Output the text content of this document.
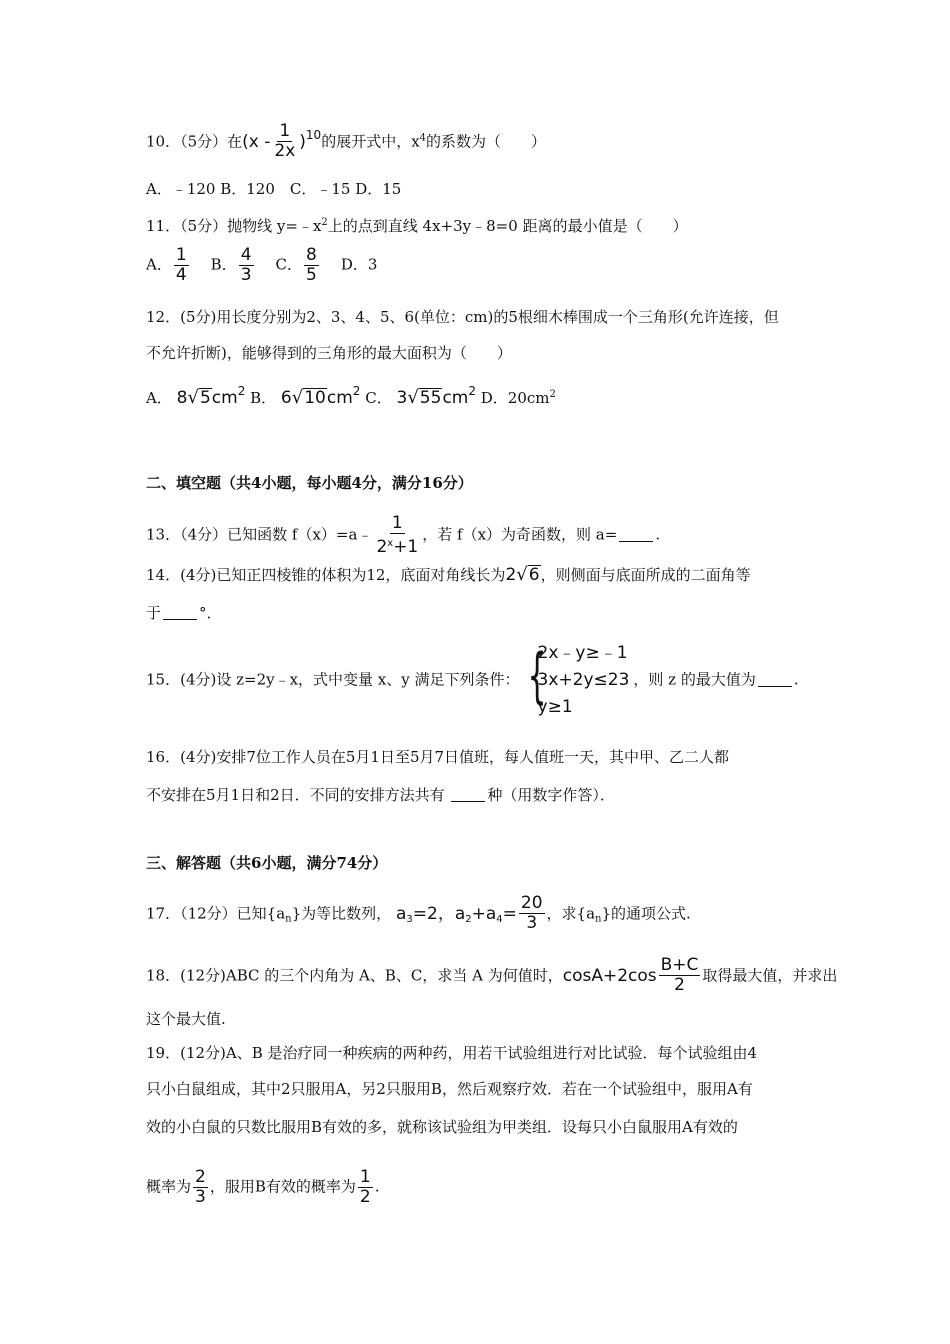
10．（5分）在$(x - \frac{1}{2x} )^{10}$的展开式中，$x^4$的系数为（　　）
A．﹣120 B．120　C．﹣15 D．15
11．（5分）抛物线 $y=﹣x^2$上的点到直线 4x+3y﹣8=0 距离的最小值是（　　）
A． $\frac{1}{4}$ B． $\frac{4}{3}$ C． $\frac{8}{5}$ D．3
12．(5分)用长度分别为2、3、4、5、6(单位：cm)的5根细木棒围成一个三角形(允许连接，但
不允许折断)，能够得到的三角形的最大面积为（　　）
A． $8√5cm^2$ B． $6√10cm^2$ C． $3√55cm^2$ D．$20cm^2$
二、填空题（共4小题，每小题4分，满分16分）
13．（4分）已知函数 f（x）=a﹣ $\frac{1}{2^x+1}$ ，若 f（x）为奇函数，则 a=	.
14．(4分)已知正四棱锥的体积为12，底面对角线长为2√6，则侧面与底面所成的二面角等
于	°．
15．(4分)设 z=2y﹣x，式中变量 x、y 满足下列条件： {
2x﹣y≥﹣1
3x+2y≤23
y≥1
，则 z 的最大值为	.
16．(4分)安排7位工作人员在5月1日至5月7日值班，每人值班一天，其中甲、乙二人都
不安排在5月1日和2日．不同的安排方法共有	种（用数字作答）．
三、解答题（共6小题，满分74分）
17．（12分）已知$\{a_n\}$为等比数列， $a_3=2$，$a_2+a_4= \frac{20}{3}$ ，求$\{a_n\}$的通项公式.
18．(12分)ABC 的三个内角为 A、B、C，求当 A 为何值时，$\cos A+2\cos \frac{B+C}{2}$ 取得最大值，并求出
这个最大值.
19．(12分)A、B 是治疗同一种疾病的两种药，用若干试验组进行对比试验．每个试验组由4
只小白鼠组成，其中2只服用A，另2只服用B，然后观察疗效．若在一个试验组中，服用A有
效的小白鼠的只数比服用B有效的多，就称该试验组为甲类组．设每只小白鼠服用A有效的
概率为 $\frac{2}{3}$ ，服用B有效的概率为 $\frac{1}{2}$ .
